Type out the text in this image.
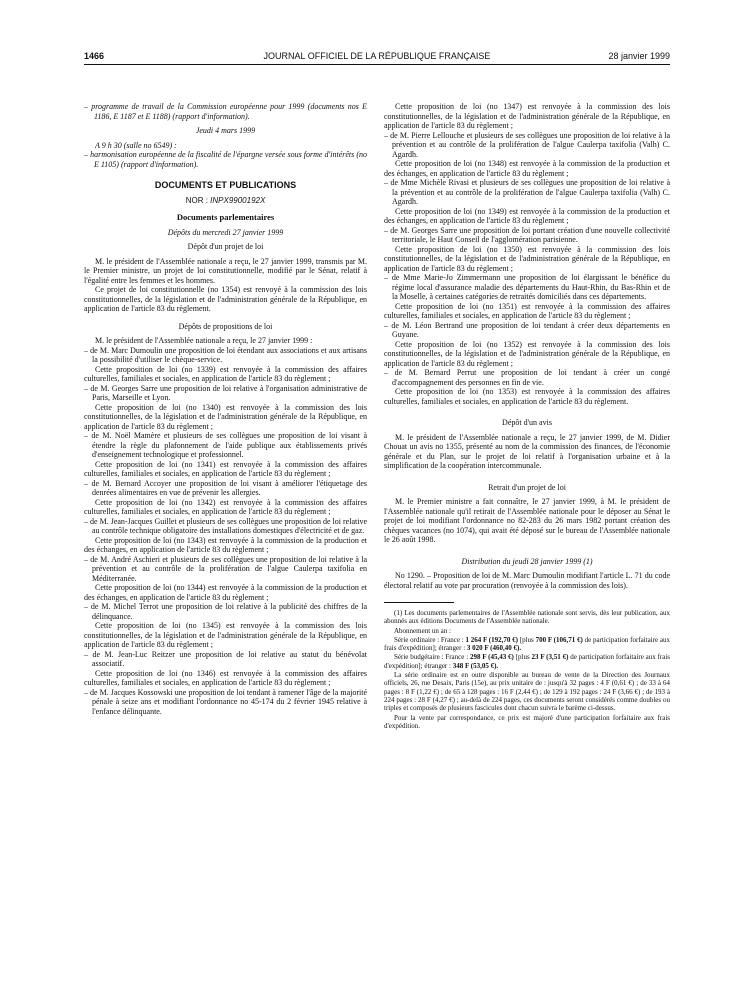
1466	JOURNAL OFFICIEL DE LA RÉPUBLIQUE FRANÇAISE	28 janvier 1999

– programme de travail de la Commission européenne pour 1999 (documents nos E 1186, E 1187 et E 1188) (rapport d'information).

Jeudi 4 mars 1999

A 9 h 30 (salle no 6549) :

– harmonisation européenne de la fiscalité de l'épargne versée sous forme d'intérêts (no E 1105) (rapport d'information).

DOCUMENTS ET PUBLICATIONS

NOR : INPX9900192X

Documents parlementaires

Dépôts du mercredi 27 janvier 1999

Dépôt d'un projet de loi

M. le président de l'Assemblée nationale a reçu, le 27 janvier 1999, transmis par M. le Premier ministre, un projet de loi constitutionnelle, modifié par le Sénat, relatif à l'égalité entre les femmes et les hommes.

Ce projet de loi constitutionnelle (no 1354) est renvoyé à la commission des lois constitutionnelles, de la législation et de l'administration générale de la République, en application de l'article 83 du règlement.

Dépôts de propositions de loi

M. le président de l'Assemblée nationale a reçu, le 27 janvier 1999 :

– de M. Marc Dumoulin une proposition de loi étendant aux associations et aux artisans la possibilité d'utiliser le chèque-service.

Cette proposition de loi (no 1339) est renvoyée à la commission des affaires culturelles, familiales et sociales, en application de l'article 83 du règlement ;

– de M. Georges Sarre une proposition de loi relative à l'organisation administrative de Paris, Marseille et Lyon.

Cette proposition de loi (no 1340) est renvoyée à la commission des lois constitutionnelles, de la législation et de l'administration générale de la République, en application de l'article 83 du règlement ;

– de M. Noël Mamère et plusieurs de ses collègues une proposition de loi visant à étendre la règle du plafonnement de l'aide publique aux établissements privés d'enseignement technologique et professionnel.

Cette proposition de loi (no 1341) est renvoyée à la commission des affaires culturelles, familiales et sociales, en application de l'article 83 du règlement ;

– de M. Bernard Accoyer une proposition de loi visant à améliorer l'étiquetage des denrées alimentaires en vue de prévenir les allergies.

Cette proposition de loi (no 1342) est renvoyée à la commission des affaires culturelles, familiales et sociales, en application de l'article 83 du règlement ;

– de M. Jean-Jacques Guillet et plusieurs de ses collègues une proposition de loi relative au contrôle technique obligatoire des installations domestiques d'électricité et de gaz.

Cette proposition de loi (no 1343) est renvoyée à la commission de la production et des échanges, en application de l'article 83 du règlement ;

– de M. André Aschieri et plusieurs de ses collègues une proposition de loi relative à la prévention et au contrôle de la prolifération de l'algue Caulerpa taxifolia en Méditerranée.

Cette proposition de loi (no 1344) est renvoyée à la commission de la production et des échanges, en application de l'article 83 du règlement ;

– de M. Michel Terrot une proposition de loi relative à la publicité des chiffres de la délinquance.

Cette proposition de loi (no 1345) est renvoyée à la commission des lois constitutionnelles, de la législation et de l'administration générale de la République, en application de l'article 83 du règlement ;

– de M. Jean-Luc Reitzer une proposition de loi relative au statut du bénévolat associatif.

Cette proposition de loi (no 1346) est renvoyée à la commission des affaires culturelles, familiales et sociales, en application de l'article 83 du règlement ;

– de M. Jacques Kossowski une proposition de loi tendant à ramener l'âge de la majorité pénale à seize ans et modifiant l'ordonnance no 45-174 du 2 février 1945 relative à l'enfance délinquante.

Cette proposition de loi (no 1347) est renvoyée à la commission des lois constitutionnelles, de la législation et de l'administration générale de la République, en application de l'article 83 du règlement ;

– de M. Pierre Lellouche et plusieurs de ses collègues une proposition de loi relative à la prévention et au contrôle de la prolifération de l'algue Caulerpa taxifolia (Valh) C. Agardh.

Cette proposition de loi (no 1348) est renvoyée à la commission de la production et des échanges, en application de l'article 83 du règlement ;

– de Mme Michèle Rivasi et plusieurs de ses collègues une proposition de loi relative à la prévention et au contrôle de la prolifération de l'algue Caulerpa taxifolia (Valh) C. Agardh.

Cette proposition de loi (no 1349) est renvoyée à la commission de la production et des échanges, en application de l'article 83 du règlement ;

– de M. Georges Sarre une proposition de loi portant création d'une nouvelle collectivité territoriale, le Haut Conseil de l'agglomération parisienne.

Cette proposition de loi (no 1350) est renvoyée à la commission des lois constitutionnelles, de la législation et de l'administration générale de la République, en application de l'article 83 du règlement ;

– de Mme Marie-Jo Zimmermann une proposition de loi élargissant le bénéfice du régime local d'assurance maladie des départements du Haut-Rhin, du Bas-Rhin et de la Moselle, à certaines catégories de retraités domiciliés dans ces départements.

Cette proposition de loi (no 1351) est renvoyée à la commission des affaires culturelles, familiales et sociales, en application de l'article 83 du règlement ;

– de M. Léon Bertrand une proposition de loi tendant à créer deux départements en Guyane.

Cette proposition de loi (no 1352) est renvoyée à la commission des lois constitutionnelles, de la législation et de l'administration générale de la République, en application de l'article 83 du règlement ;

– de M. Bernard Perrut une proposition de loi tendant à créer un congé d'accompagnement des personnes en fin de vie.

Cette proposition de loi (no 1353) est renvoyée à la commission des affaires culturelles, familiales et sociales, en application de l'article 83 du règlement.

Dépôt d'un avis

M. le président de l'Assemblée nationale a reçu, le 27 janvier 1999, de M. Didier Chouat un avis no 1355, présenté au nom de la commission des finances, de l'économie générale et du Plan, sur le projet de loi relatif à l'organisation urbaine et à la simplification de la coopération intercommunale.

Retrait d'un projet de loi

M. le Premier ministre a fait connaître, le 27 janvier 1999, à M. le président de l'Assemblée nationale qu'il retirait de l'Assemblée nationale pour le déposer au Sénat le projet de loi modifiant l'ordonnance no 82-283 du 26 mars 1982 portant création des chèques vacances (no 1074), qui avait été déposé sur le bureau de l'Assemblée nationale le 26 août 1998.

Distribution du jeudi 28 janvier 1999 (1)

No 1290. – Proposition de loi de M. Marc Dumoulin modifiant l'article L. 71 du code électoral relatif au vote par procuration (renvoyée à la commission des lois).

(1) Les documents parlementaires de l'Assemblée nationale sont servis, dès leur publication, aux abonnés aux éditions Documents de l'Assemblée nationale.

Abonnement un an :

Série ordinaire : France : 1 264 F (192,70 €) [plus 700 F (106,71 €) de participation forfaitaire aux frais d'expédition]; étranger : 3 020 F (460,40 €).

Série budgétaire : France : 298 F (45,43 €) [plus 23 F (3,51 €) de participation forfaitaire aux frais d'expédition]; étranger : 348 F (53,05 €).

La série ordinaire est en outre disponible au bureau de vente de la Direction des Journaux officiels, 26, rue Desaix, Paris (15e), au prix unitaire de : jusqu'à 32 pages : 4 F (0,61 €) ; de 33 à 64 pages : 8 F (1,22 €) ; de 65 à 128 pages : 16 F (2,44 €) ; de 129 à 192 pages : 24 F (3,66 €) ; de 193 à 224 pages : 28 F (4,27 €) ; au-delà de 224 pages, ces documents seront considérés comme doubles ou triples et composés de plusieurs fascicules dont chacun suivra le barème ci-dessus.

Pour la vente par correspondance, ce prix est majoré d'une participation forfaitaire aux frais d'expédition.
